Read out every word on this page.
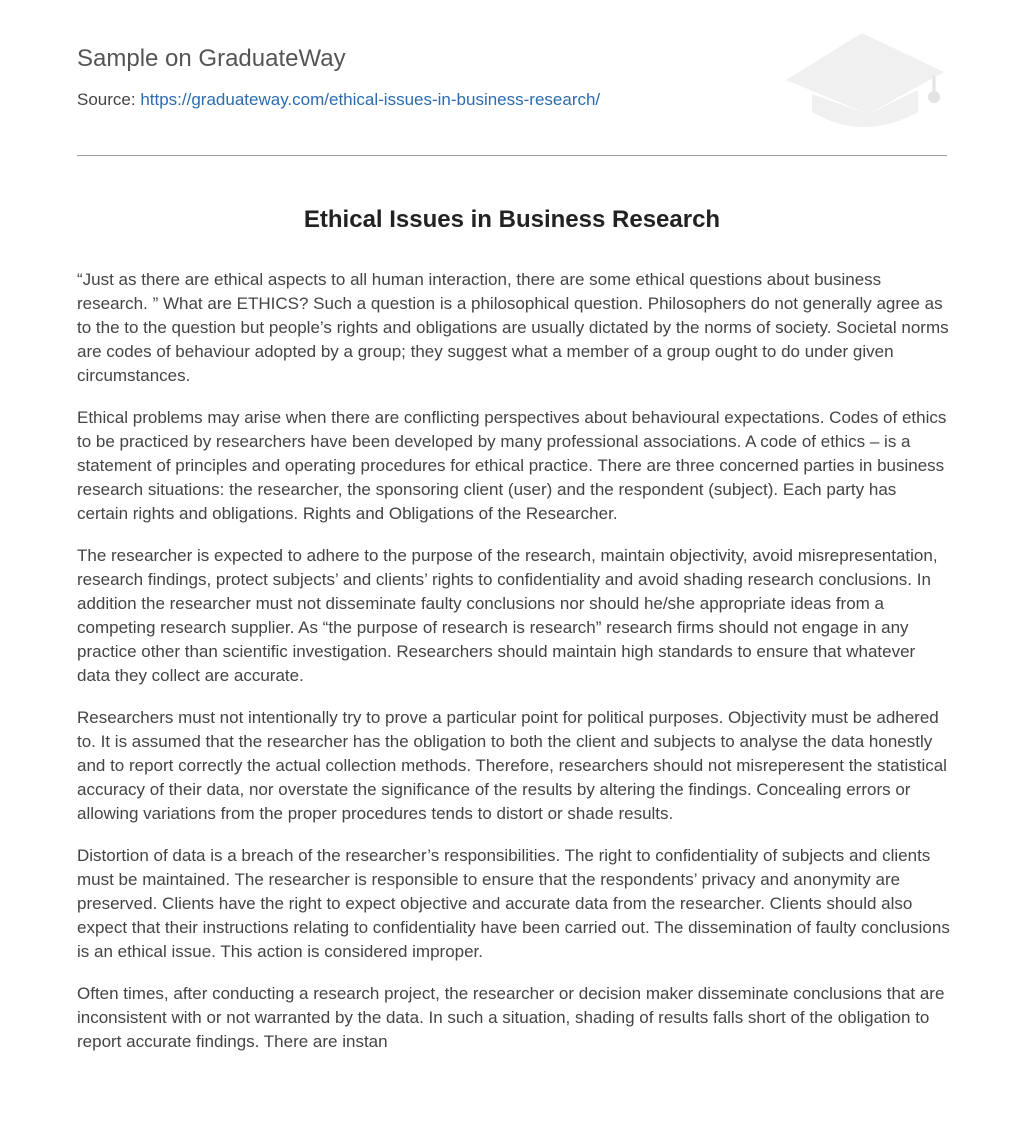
Sample on GraduateWay
Source: https://graduateway.com/ethical-issues-in-business-research/
Ethical Issues in Business Research

“Just as there are ethical aspects to all human interaction, there are some ethical questions about business research. ” What are ETHICS? Such a question is a philosophical question. Philosophers do not generally agree as to the to the question but people’s rights and obligations are usually dictated by the norms of society. Societal norms are codes of behaviour adopted by a group; they suggest what a member of a group ought to do under given circumstances.

Ethical problems may arise when there are conflicting perspectives about behavioural expectations. Codes of ethics to be practiced by researchers have been developed by many professional associations. A code of ethics – is a statement of principles and operating procedures for ethical practice. There are three concerned parties in business research situations: the researcher, the sponsoring client (user) and the respondent (subject). Each party has certain rights and obligations. Rights and Obligations of the Researcher.

The researcher is expected to adhere to the purpose of the research, maintain objectivity, avoid misrepresentation, research findings, protect subjects’ and clients’ rights to confidentiality and avoid shading research conclusions. In addition the researcher must not disseminate faulty conclusions nor should he/she appropriate ideas from a competing research supplier. As “the purpose of research is research” research firms should not engage in any practice other than scientific investigation. Researchers should maintain high standards to ensure that whatever data they collect are accurate.

Researchers must not intentionally try to prove a particular point for political purposes. Objectivity must be adhered to. It is assumed that the researcher has the obligation to both the client and subjects to analyse the data honestly and to report correctly the actual collection methods. Therefore, researchers should not misreperesent the statistical accuracy of their data, nor overstate the significance of the results by altering the findings. Concealing errors or allowing variations from the proper procedures tends to distort or shade results.

Distortion of data is a breach of the researcher’s responsibilities. The right to confidentiality of subjects and clients must be maintained. The researcher is responsible to ensure that the respondents’ privacy and anonymity are preserved. Clients have the right to expect objective and accurate data from the researcher. Clients should also expect that their instructions relating to confidentiality have been carried out. The dissemination of faulty conclusions is an ethical issue. This action is considered improper.

Often times, after conducting a research project, the researcher or decision maker disseminate conclusions that are inconsistent with or not warranted by the data. In such a situation, shading of results falls short of the obligation to report accurate findings. There are instan
